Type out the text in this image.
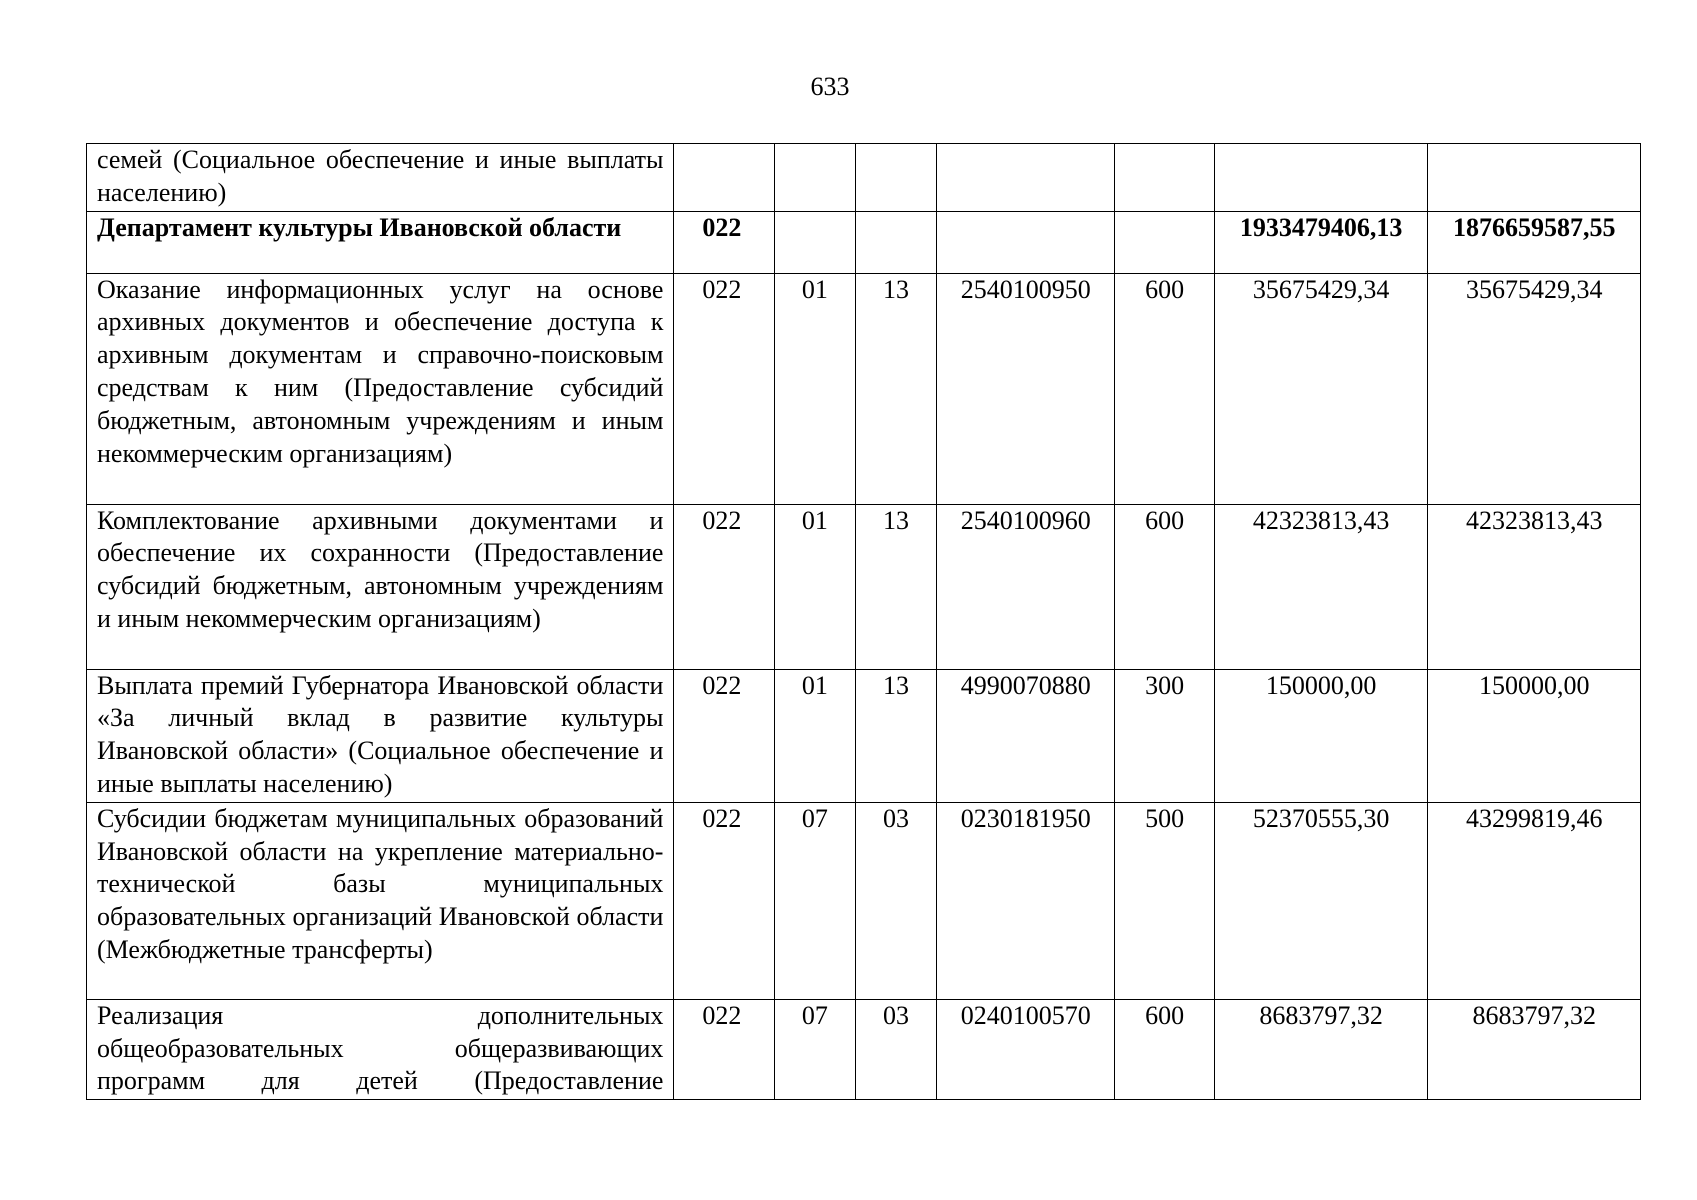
633
семей (Социальное обеспечение и иные выплаты населению)							
Департамент культуры Ивановской области	022					1933479406,13	1876659587,55
Оказание информационных услуг на основе архивных документов и обеспечение доступа к архивным документам и справочно-поисковым средствам к ним (Предоставление субсидий бюджетным, автономным учреждениям и иным некоммерческим организациям)	022	01	13	2540100950	600	35675429,34	35675429,34
Комплектование архивными документами и обеспечение их сохранности (Предоставление субсидий бюджетным, автономным учреждениям и иным некоммерческим организациям)	022	01	13	2540100960	600	42323813,43	42323813,43
Выплата премий Губернатора Ивановской области «За личный вклад в развитие культуры Ивановской области» (Социальное обеспечение и иные выплаты населению)	022	01	13	4990070880	300	150000,00	150000,00
Субсидии бюджетам муниципальных образований Ивановской области на укрепление материально-технической базы муниципальных образовательных организаций Ивановской области (Межбюджетные трансферты)	022	07	03	0230181950	500	52370555,30	43299819,46
Реализация дополнительных общеобразовательных общеразвивающих программ для детей (Предоставление	022	07	03	0240100570	600	8683797,32	8683797,32
